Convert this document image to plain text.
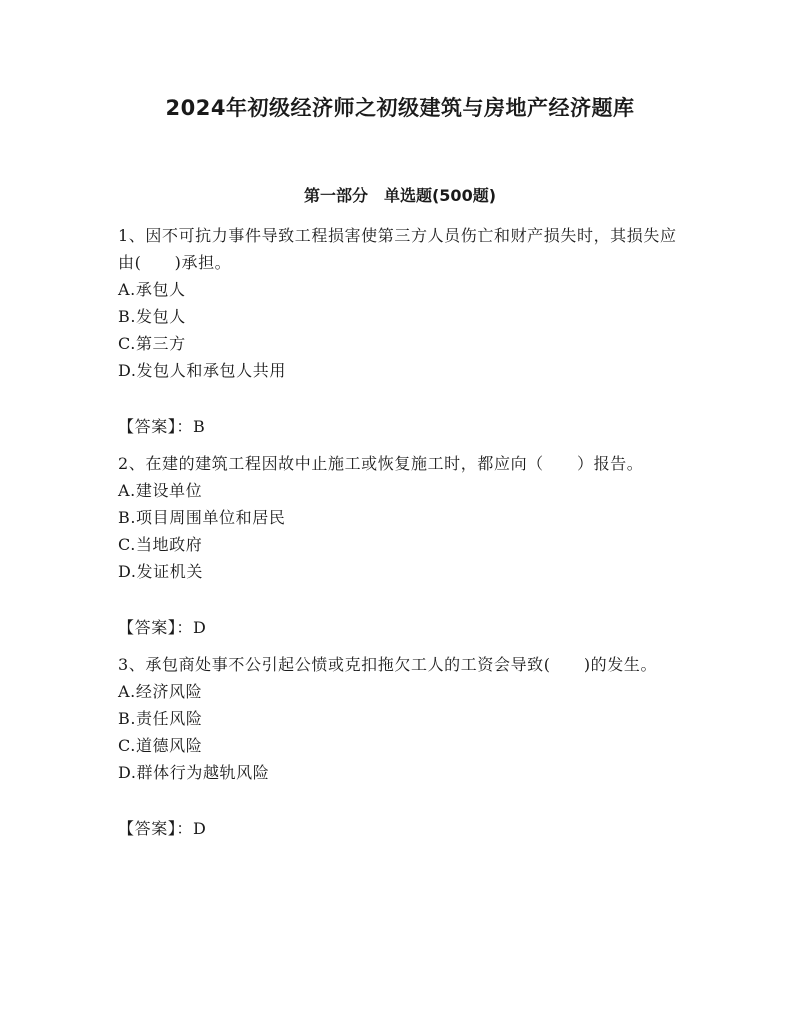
2024年初级经济师之初级建筑与房地产经济题库
第一部分　单选题(500题)

1、因不可抗力事件导致工程损害使第三方人员伤亡和财产损失时，其损失应由(　　)承担。

A.承包人

B.发包人

C.第三方

D.发包人和承包人共用

【答案】：B

2、在建的建筑工程因故中止施工或恢复施工时，都应向（　　）报告。

A.建设单位

B.项目周围单位和居民

C.当地政府

D.发证机关

【答案】：D

3、承包商处事不公引起公愤或克扣拖欠工人的工资会导致(　　)的发生。

A.经济风险

B.责任风险

C.道德风险

D.群体行为越轨风险

【答案】：D
